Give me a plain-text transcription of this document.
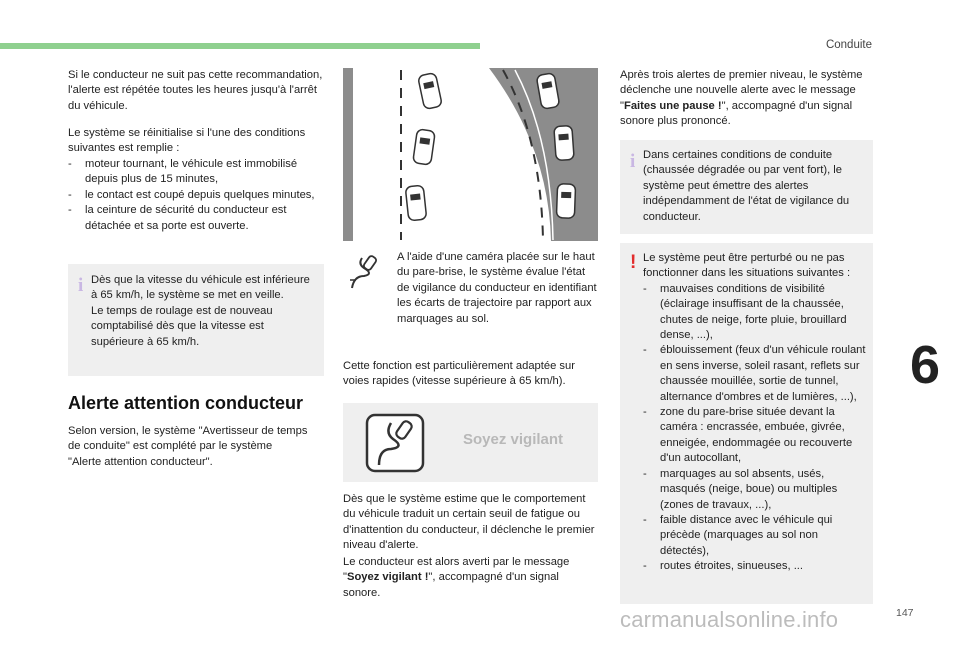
Conduite

Si le conducteur ne suit pas cette recommandation, l'alerte est répétée toutes les heures jusqu'à l'arrêt du véhicule.

Le système se réinitialise si l'une des conditions suivantes est remplie :

- moteur tournant, le véhicule est immobilisé depuis plus de 15 minutes,
- le contact est coupé depuis quelques minutes,
- la ceinture de sécurité du conducteur est détachée et sa porte est ouverte.
i Dès que la vitesse du véhicule est inférieure à 65 km/h, le système se met en veille.
Le temps de roulage est de nouveau comptabilisé dès que la vitesse est supérieure à 65 km/h.
Alerte attention conducteur

Selon version, le système "Avertisseur de temps de conduite" est complété par le système "Alerte attention conducteur".

A l'aide d'une caméra placée sur le haut du pare-brise, le système évalue l'état de vigilance du conducteur en identifiant les écarts de trajectoire par rapport aux marquages au sol.

Cette fonction est particulièrement adaptée sur voies rapides (vitesse supérieure à 65 km/h).

Soyez vigilant

Dès que le système estime que le comportement du véhicule traduit un certain seuil de fatigue ou d'inattention du conducteur, il déclenche le premier niveau d'alerte.

Le conducteur est alors averti par le message "Soyez vigilant !", accompagné d'un signal sonore.

Après trois alertes de premier niveau, le système déclenche une nouvelle alerte avec le message "Faites une pause !", accompagné d'un signal sonore plus prononcé.

i Dans certaines conditions de conduite (chaussée dégradée ou par vent fort), le système peut émettre des alertes indépendamment de l'état de vigilance du conducteur.
! Le système peut être perturbé ou ne pas fonctionner dans les situations suivantes :
- mauvaises conditions de visibilité (éclairage insuffisant de la chaussée, chutes de neige, forte pluie, brouillard dense, ...),
- éblouissement (feux d'un véhicule roulant en sens inverse, soleil rasant, reflets sur chaussée mouillée, sortie de tunnel, alternance d'ombres et de lumières, ...),
- zone du pare-brise située devant la caméra : encrassée, embuée, givrée, enneigée, endommagée ou recouverte d'un autocollant,
- marquages au sol absents, usés, masqués (neige, boue) ou multiples (zones de travaux, ...),
- faible distance avec le véhicule qui précède (marquages au sol non détectés),
- routes étroites, sinueuses, ...
6
147
carmanualsonline.info
